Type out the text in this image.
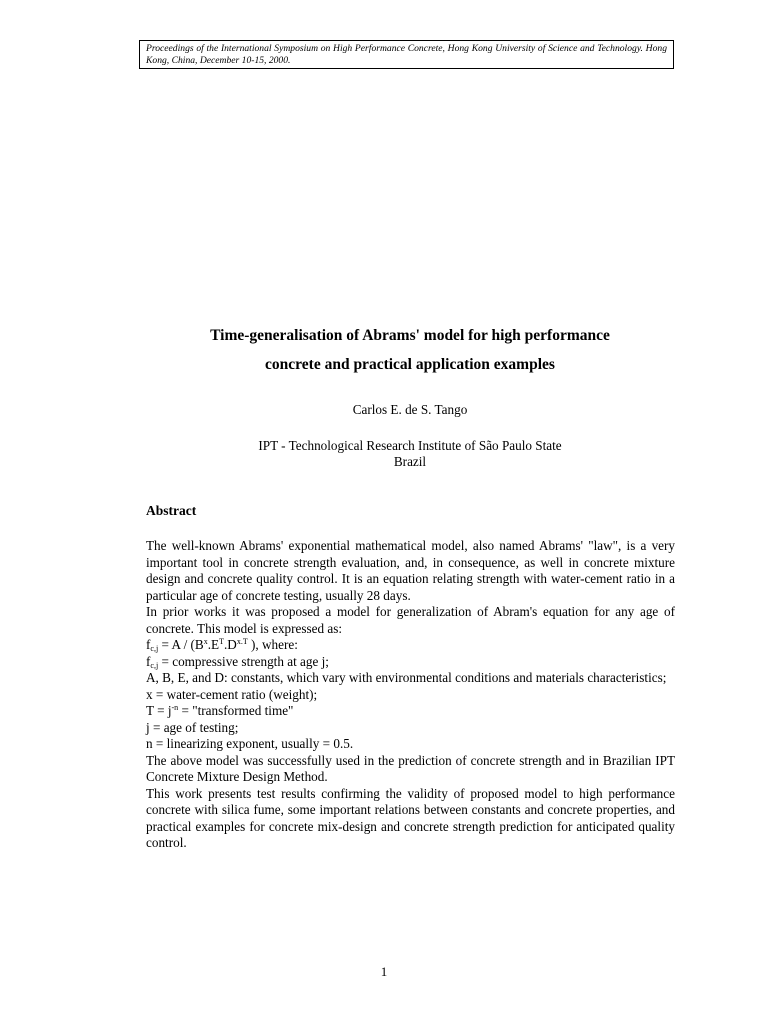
Proceedings of the International Symposium on High Performance Concrete, Hong Kong University of Science and Technology. Hong Kong, China, December 10-15, 2000.
Time-generalisation of Abrams' model for high performance
concrete and practical application examples
Carlos E. de S. Tango
IPT - Technological Research Institute of São Paulo State
Brazil
Abstract

The well-known Abrams' exponential mathematical model, also named Abrams' "law", is a very important tool in concrete strength evaluation, and, in consequence, as well in concrete mixture design and concrete quality control. It is an equation relating strength with water-cement ratio in a particular age of concrete testing, usually 28 days.

In prior works it was proposed a model for generalization of Abram's equation for any age of concrete. This model is expressed as:

$f_{c,j} = A / (B^x.E^T.D^{x.T}$ ), where:

$f_{c,j}$ = compressive strength at age j;

A, B, E, and D: constants, which vary with environmental conditions and materials characteristics;

x = water-cement ratio (weight);

$T = j^{-n}$ = "transformed time"

j = age of testing;

n = linearizing exponent, usually = 0.5.

The above model was successfully used in the prediction of concrete strength and in Brazilian IPT Concrete Mixture Design Method.

This work presents test results confirming the validity of proposed model to high performance concrete with silica fume, some important relations between constants and concrete properties, and practical examples for concrete mix-design and concrete strength prediction for anticipated quality control.

1
